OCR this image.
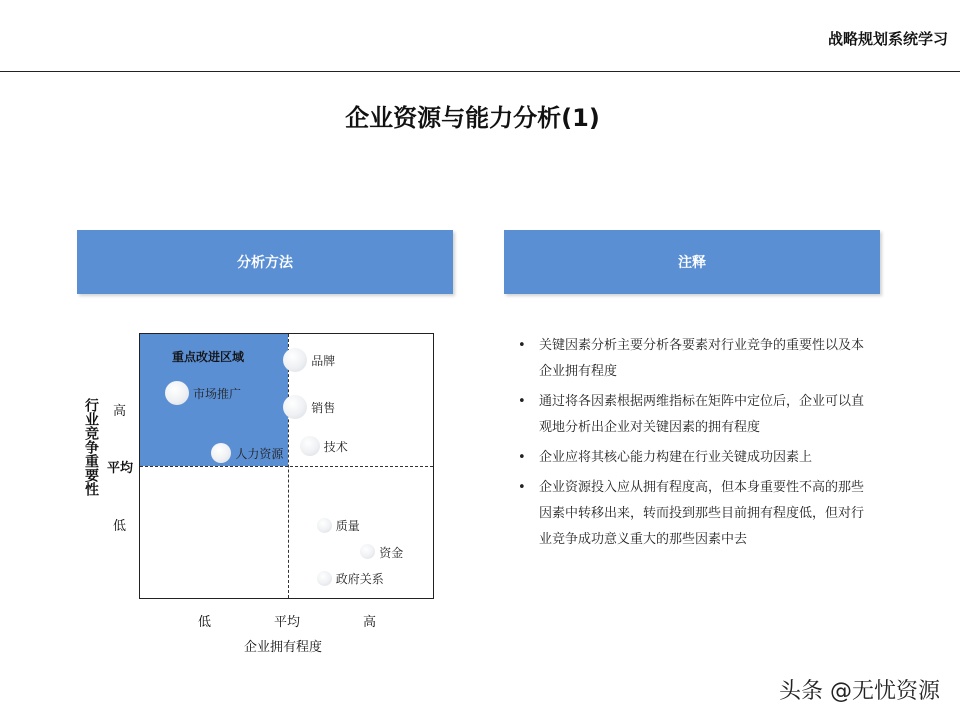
战略规划系统学习
企业资源与能力分析(1)
分析方法	注释
行业竞争重要性 高
平均
低
重点改进区域	品牌
市场推广
销售
技术
人力资源
质量
资金
政府关系
低	平均	高
企业拥有程度
• 关键因素分析主要分析各要素对行业竞争的重要性以及本企业拥有程度
• 通过将各因素根据两维指标在矩阵中定位后，企业可以直观地分析出企业对关键因素的拥有程度
• 企业应将其核心能力构建在行业关键成功因素上
• 企业资源投入应从拥有程度高，但本身重要性不高的那些因素中转移出来，转而投到那些目前拥有程度低，但对行业竞争成功意义重大的那些因素中去
头条 @无忧资源
